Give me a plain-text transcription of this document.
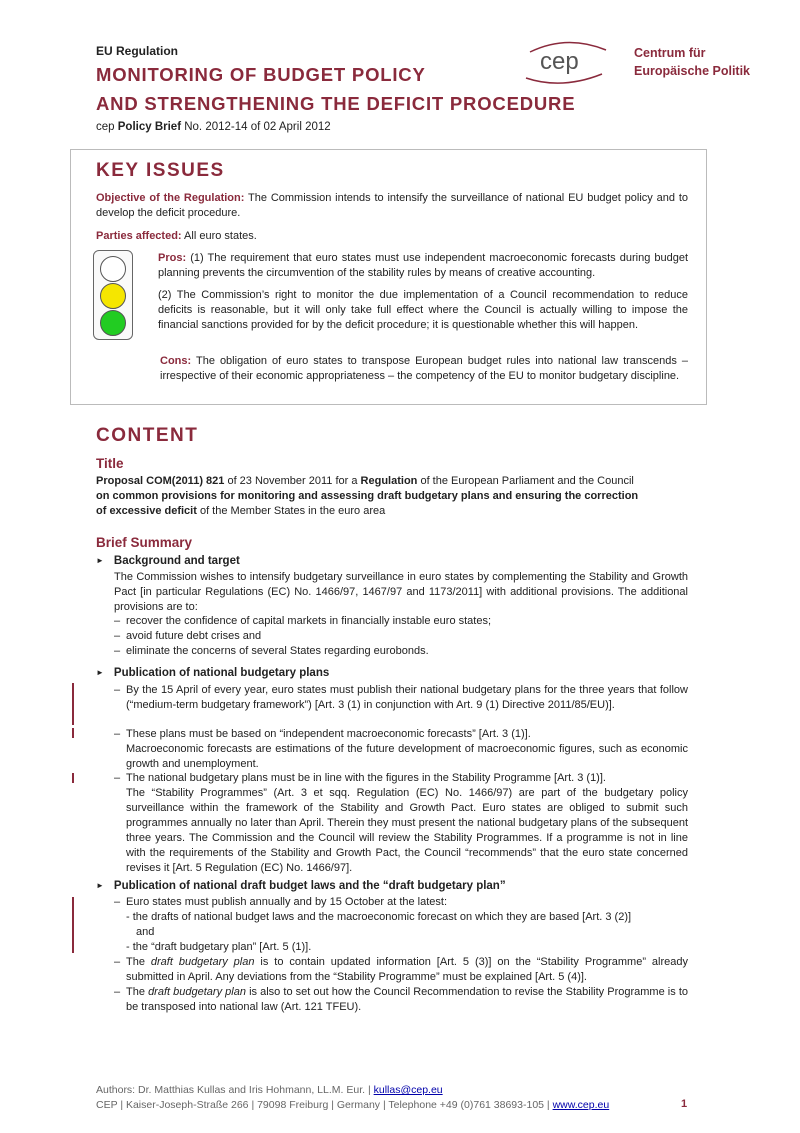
EU Regulation
MONITORING OF BUDGET POLICY
AND STRENGTHENING THE DEFICIT PROCEDURE
cep Policy Brief No. 2012-14 of 02 April 2012
cep	Centrum für
Europäische Politik
KEY ISSUES
Objective of the Regulation: The Commission intends to intensify the surveillance of national EU budget policy and to develop the deficit procedure.
Parties affected: All euro states.
Pros: (1) The requirement that euro states must use independent macroeconomic forecasts during budget planning prevents the circumvention of the stability rules by means of creative accounting.
(2) The Commission’s right to monitor the due implementation of a Council recommendation to reduce deficits is reasonable, but it will only take full effect where the Council is actually willing to impose the financial sanctions provided for by the deficit procedure; it is questionable whether this will happen.
Cons: The obligation of euro states to transpose European budget rules into national law transcends – irrespective of their economic appropriateness – the competency of the EU to monitor budgetary discipline.
CONTENT
Title
Proposal COM(2011) 821 of 23 November 2011 for a Regulation of the European Parliament and the Council
on common provisions for monitoring and assessing draft budgetary plans and ensuring the correction
of excessive deficit of the Member States in the euro area
Brief Summary
► Background and target
The Commission wishes to intensify budgetary surveillance in euro states by complementing the Stability and Growth Pact [in particular Regulations (EC) No. 1466/97, 1467/97 and 1173/2011] with additional provisions. The additional provisions are to:
– recover the confidence of capital markets in financially instable euro states;
– avoid future debt crises and
– eliminate the concerns of several States regarding eurobonds.
► Publication of national budgetary plans
– By the 15 April of every year, euro states must publish their national budgetary plans for the three years that follow (“medium-term budgetary framework”) [Art. 3 (1) in conjunction with Art. 9 (1) Directive 2011/85/EU)].
– These plans must be based on “independent macroeconomic forecasts” [Art. 3 (1)].
Macroeconomic forecasts are estimations of the future development of macroeconomic figures, such as economic growth and unemployment.
– The national budgetary plans must be in line with the figures in the Stability Programme [Art. 3 (1)].
The “Stability Programmes” (Art. 3 et sqq. Regulation (EC) No. 1466/97) are part of the budgetary policy surveillance within the framework of the Stability and Growth Pact. Euro states are obliged to submit such programmes annually no later than April. Therein they must present the national budgetary plans of the subsequent three years. The Commission and the Council will review the Stability Programmes. If a programme is not in line with the requirements of the Stability and Growth Pact, the Council “recommends” that the euro state concerned revises it [Art. 5 Regulation (EC) No. 1466/97].
► Publication of national draft budget laws and the “draft budgetary plan”
– Euro states must publish annually and by 15 October at the latest:
- the drafts of national budget laws and the macroeconomic forecast on which they are based [Art. 3 (2)]
and
- the “draft budgetary plan” [Art. 5 (1)].
– The draft budgetary plan is to contain updated information [Art. 5 (3)] on the “Stability Programme” already submitted in April. Any deviations from the “Stability Programme” must be explained [Art. 5 (4)].
– The draft budgetary plan is also to set out how the Council Recommendation to revise the Stability Programme is to be transposed into national law (Art. 121 TFEU).
Authors: Dr. Matthias Kullas and Iris Hohmann, LL.M. Eur. | kullas@cep.eu
CEP | Kaiser-Joseph-Straße 266 | 79098 Freiburg | Germany | Telephone +49 (0)761 38693-105 | www.cep.eu	1
